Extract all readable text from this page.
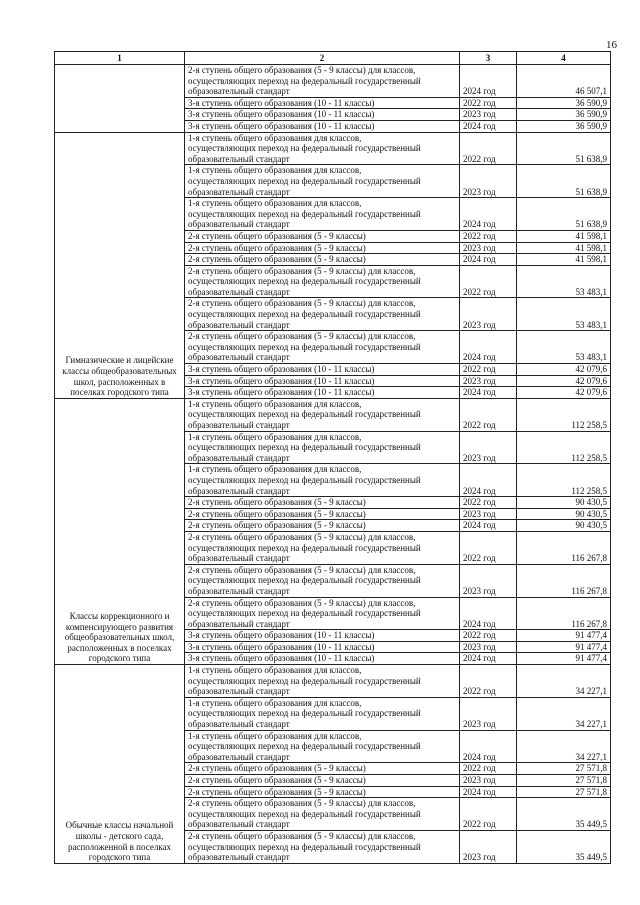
16
1	2	3	4
	2-я ступень общего образования (5 - 9 классы) для классов,
осуществляющих переход на федеральный государственный
образовательный стандарт	2024 год	46 507,1
	3-я ступень общего образования (10 - 11 классы)	2022 год	36 590,9
	3-я ступень общего образования (10 - 11 классы)	2023 год	36 590,9
	3-я ступень общего образования (10 - 11 классы)	2024 год	36 590,9
Гимназические и лицейские классы общеобразовательных школ, расположенных в поселках городского типа	1-я ступень общего образования для классов,
осуществляющих переход на федеральный государственный
образовательный стандарт	2022 год	51 638,9
	1-я ступень общего образования для классов,
осуществляющих переход на федеральный государственный
образовательный стандарт	2023 год	51 638,9
	1-я ступень общего образования для классов,
осуществляющих переход на федеральный государственный
образовательный стандарт	2024 год	51 638,9
	2-я ступень общего образования (5 - 9 классы)	2022 год	41 598,1
	2-я ступень общего образования (5 - 9 классы)	2023 год	41 598,1
	2-я ступень общего образования (5 - 9 классы)	2024 год	41 598,1
	2-я ступень общего образования (5 - 9 классы) для классов,
осуществляющих переход на федеральный государственный
образовательный стандарт	2022 год	53 483,1
	2-я ступень общего образования (5 - 9 классы) для классов,
осуществляющих переход на федеральный государственный
образовательный стандарт	2023 год	53 483,1
	2-я ступень общего образования (5 - 9 классы) для классов,
осуществляющих переход на федеральный государственный
образовательный стандарт	2024 год	53 483,1
	3-я ступень общего образования (10 - 11 классы)	2022 год	42 079,6
	3-я ступень общего образования (10 - 11 классы)	2023 год	42 079,6
	3-я ступень общего образования (10 - 11 классы)	2024 год	42 079,6
Классы коррекционного и компенсирующего развития общеобразовательных школ, расположенных в поселках городского типа	1-я ступень общего образования для классов,
осуществляющих переход на федеральный государственный
образовательный стандарт	2022 год	112 258,5
	1-я ступень общего образования для классов,
осуществляющих переход на федеральный государственный
образовательный стандарт	2023 год	112 258,5
	1-я ступень общего образования для классов,
осуществляющих переход на федеральный государственный
образовательный стандарт	2024 год	112 258,5
	2-я ступень общего образования (5 - 9 классы)	2022 год	90 430,5
	2-я ступень общего образования (5 - 9 классы)	2023 год	90 430,5
	2-я ступень общего образования (5 - 9 классы)	2024 год	90 430,5
	2-я ступень общего образования (5 - 9 классы) для классов,
осуществляющих переход на федеральный государственный
образовательный стандарт	2022 год	116 267,8
	2-я ступень общего образования (5 - 9 классы) для классов,
осуществляющих переход на федеральный государственный
образовательный стандарт	2023 год	116 267,8
	2-я ступень общего образования (5 - 9 классы) для классов,
осуществляющих переход на федеральный государственный
образовательный стандарт	2024 год	116 267,8
	3-я ступень общего образования (10 - 11 классы)	2022 год	91 477,4
	3-я ступень общего образования (10 - 11 классы)	2023 год	91 477,4
	3-я ступень общего образования (10 - 11 классы)	2024 год	91 477,4
Обычные классы начальной школы - детского сада, расположенной в поселках городского типа	1-я ступень общего образования для классов,
осуществляющих переход на федеральный государственный
образовательный стандарт	2022 год	34 227,1
	1-я ступень общего образования для классов,
осуществляющих переход на федеральный государственный
образовательный стандарт	2023 год	34 227,1
	1-я ступень общего образования для классов,
осуществляющих переход на федеральный государственный
образовательный стандарт	2024 год	34 227,1
	2-я ступень общего образования (5 - 9 классы)	2022 год	27 571,8
	2-я ступень общего образования (5 - 9 классы)	2023 год	27 571,8
	2-я ступень общего образования (5 - 9 классы)	2024 год	27 571,8
	2-я ступень общего образования (5 - 9 классы) для классов,
осуществляющих переход на федеральный государственный
образовательный стандарт	2022 год	35 449,5
	2-я ступень общего образования (5 - 9 классы) для классов,
осуществляющих переход на федеральный государственный
образовательный стандарт	2023 год	35 449,5
